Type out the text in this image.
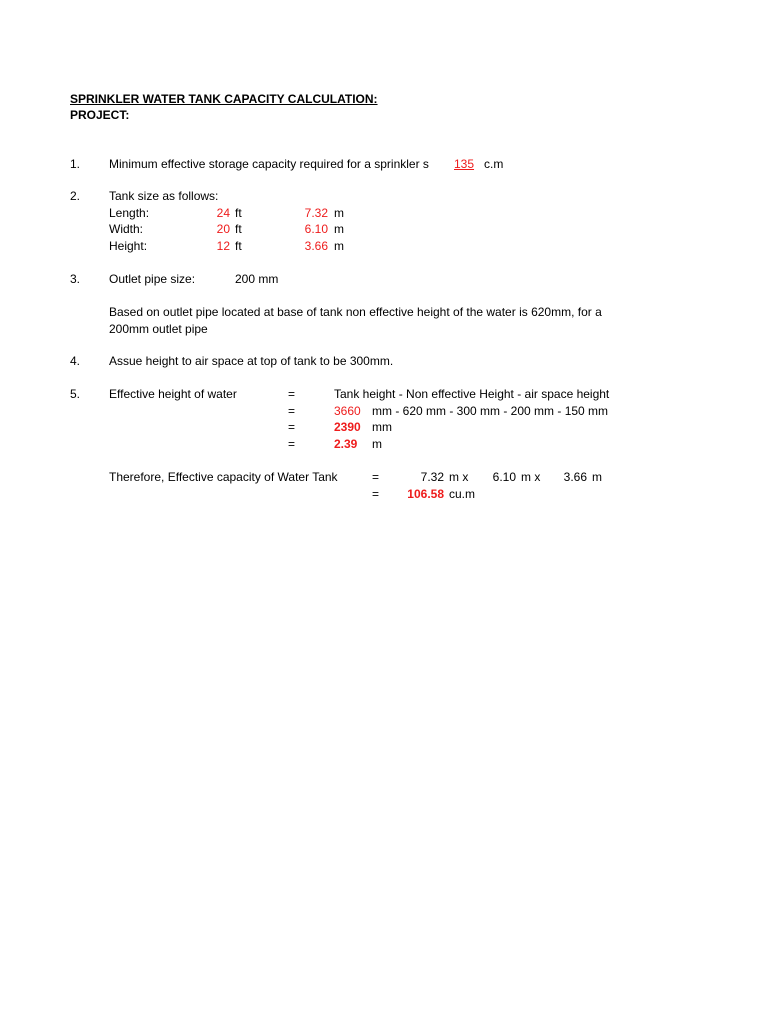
SPRINKLER WATER TANK CAPACITY CALCULATION:
PROJECT:
1. Minimum effective storage capacity required for a sprinkler s 135 c.m
2. Tank size as follows:
Length:	24 ft	7.32 m
Width:	20 ft	6.10 m
Height:	12 ft	3.66 m
3. Outlet pipe size:	200 mm
Based on outlet pipe located at base of tank non effective height of the water is 620mm, for a
200mm outlet pipe
4. Assue height to air space at top of tank to be 300mm.
5. Effective height of water	=	Tank height - Non effective Height - air space height
=	3660 mm - 620 mm - 300 mm - 200 mm - 150 mm
=	2390 mm
=	2.39 m
Therefore, Effective capacity of Water Tank	=	7.32 m x	6.10 m x	3.66 m
=	106.58 cu.m
